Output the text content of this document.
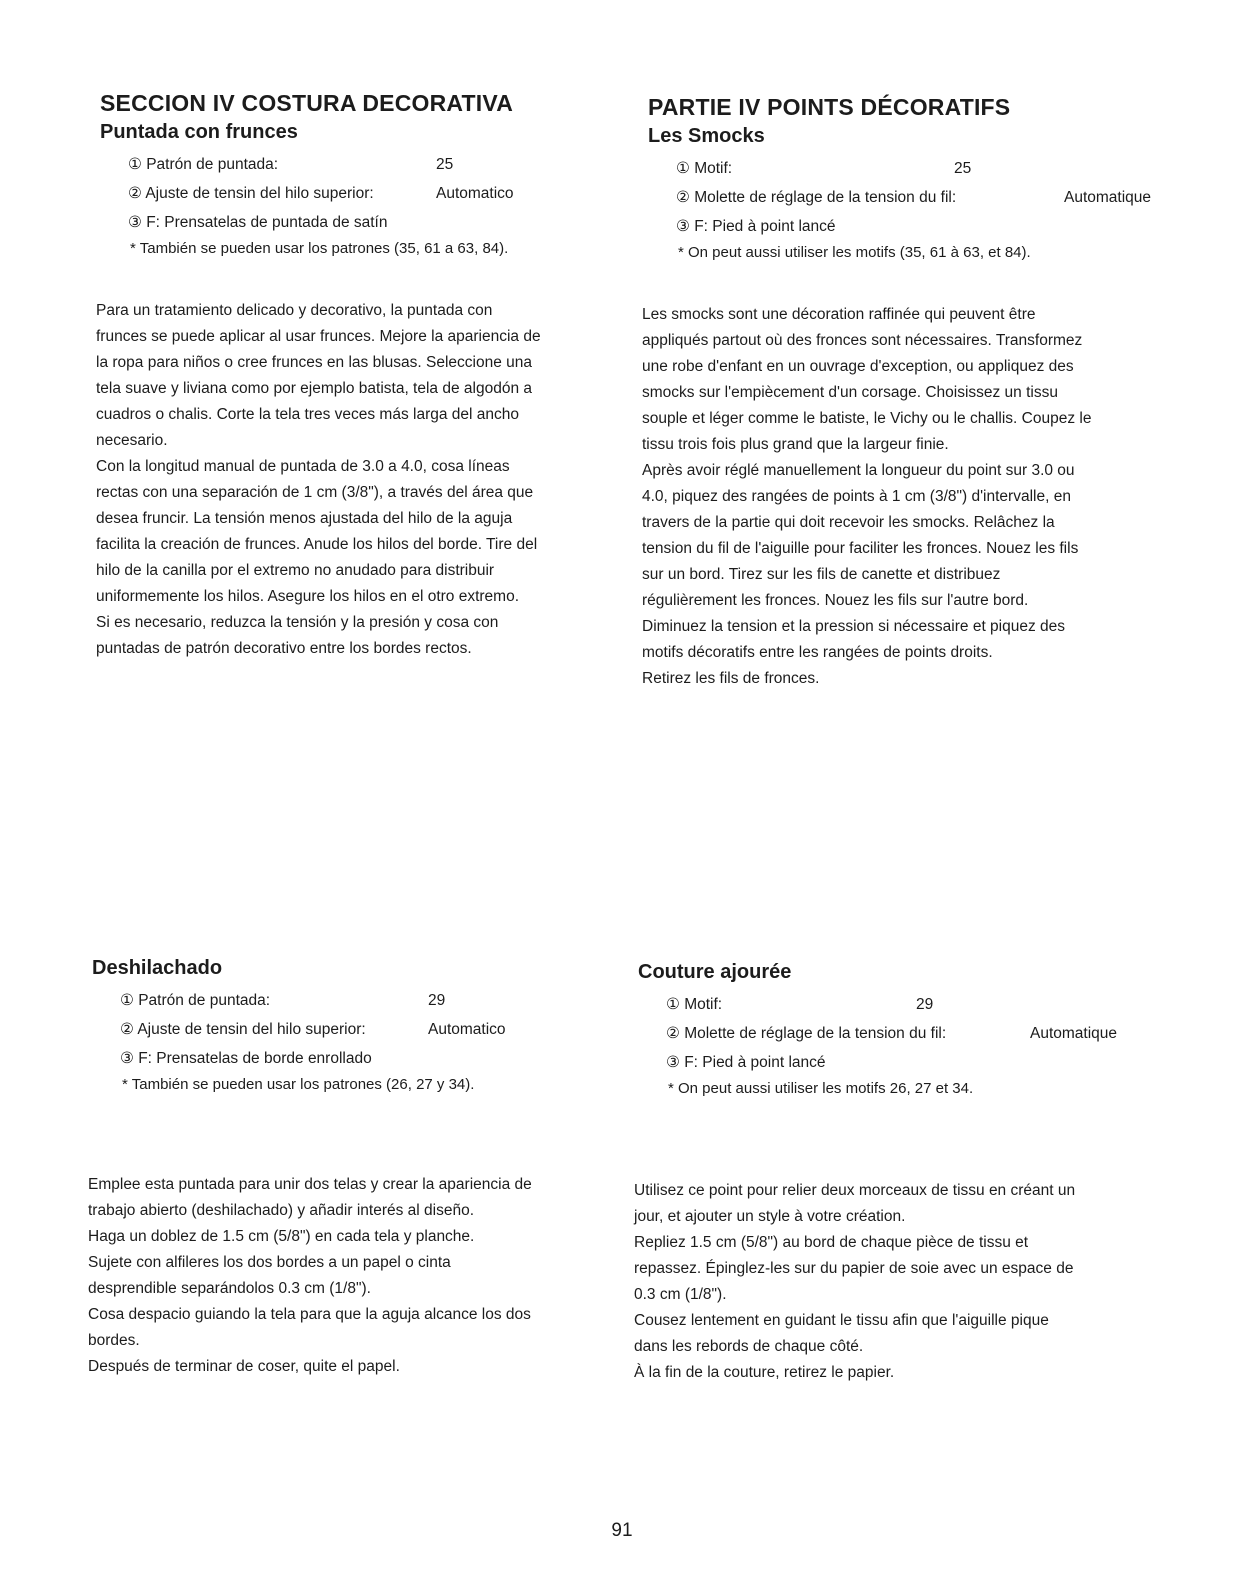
SECCION IV COSTURA DECORATIVA
Puntada con frunces
① Patrón de puntada:	25
② Ajuste de tensin del hilo superior:	Automatico
③ F: Prensatelas de puntada de satín

* También se pueden usar los patrones (35, 61 a 63, 84).

Para un tratamiento delicado y decorativo, la puntada con

frunces se puede aplicar al usar frunces. Mejore la apariencia de

la ropa para niños o cree frunces en las blusas. Seleccione una

tela suave y liviana como por ejemplo batista, tela de algodón a

cuadros o chalis. Corte la tela tres veces más larga del ancho

necesario.

Con la longitud manual de puntada de 3.0 a 4.0, cosa líneas

rectas con una separación de 1 cm (3/8"), a través del área que

desea fruncir. La tensión menos ajustada del hilo de la aguja

facilita la creación de frunces. Anude los hilos del borde. Tire del

hilo de la canilla por el extremo no anudado para distribuir

uniformemente los hilos. Asegure los hilos en el otro extremo.

Si es necesario, reduzca la tensión y la presión y cosa con

puntadas de patrón decorativo entre los bordes rectos.

PARTIE IV POINTS DÉCORATIFS
Les Smocks
① Motif:	25
② Molette de réglage de la tension du fil:	Automatique
③ F: Pied à point lancé

* On peut aussi utiliser les motifs (35, 61 à 63, et 84).

Les smocks sont une décoration raffinée qui peuvent être

appliqués partout où des fronces sont nécessaires. Transformez

une robe d'enfant en un ouvrage d'exception, ou appliquez des

smocks sur l'empiècement d'un corsage. Choisissez un tissu

souple et léger comme le batiste, le Vichy ou le challis. Coupez le

tissu trois fois plus grand que la largeur finie.

Après avoir réglé manuellement la longueur du point sur 3.0 ou

4.0, piquez des rangées de points à 1 cm (3/8") d'intervalle, en

travers de la partie qui doit recevoir les smocks. Relâchez la

tension du fil de l'aiguille pour faciliter les fronces. Nouez les fils

sur un bord. Tirez sur les fils de canette et distribuez

régulièrement les fronces. Nouez les fils sur l'autre bord.

Diminuez la tension et la pression si nécessaire et piquez des

motifs décoratifs entre les rangées de points droits.

Retirez les fils de fronces.

Deshilachado
① Patrón de puntada:	29
② Ajuste de tensin del hilo superior:	Automatico
③ F: Prensatelas de borde enrollado

* También se pueden usar los patrones (26, 27 y 34).

Emplee esta puntada para unir dos telas y crear la apariencia de

trabajo abierto (deshilachado) y añadir interés al diseño.

Haga un doblez de 1.5 cm (5/8") en cada tela y planche.

Sujete con alfileres los dos bordes a un papel o cinta

desprendible separándolos 0.3 cm (1/8").

Cosa despacio guiando la tela para que la aguja alcance los dos

bordes.

Después de terminar de coser, quite el papel.

Couture ajourée
① Motif:	29
② Molette de réglage de la tension du fil:	Automatique
③ F: Pied à point lancé

* On peut aussi utiliser les motifs 26, 27 et 34.

Utilisez ce point pour relier deux morceaux de tissu en créant un

jour, et ajouter un style à votre création.

Repliez 1.5 cm (5/8") au bord de chaque pièce de tissu et

repassez. Épinglez-les sur du papier de soie avec un espace de

0.3 cm (1/8").

Cousez lentement en guidant le tissu afin que l'aiguille pique

dans les rebords de chaque côté.

À la fin de la couture, retirez le papier.

91
